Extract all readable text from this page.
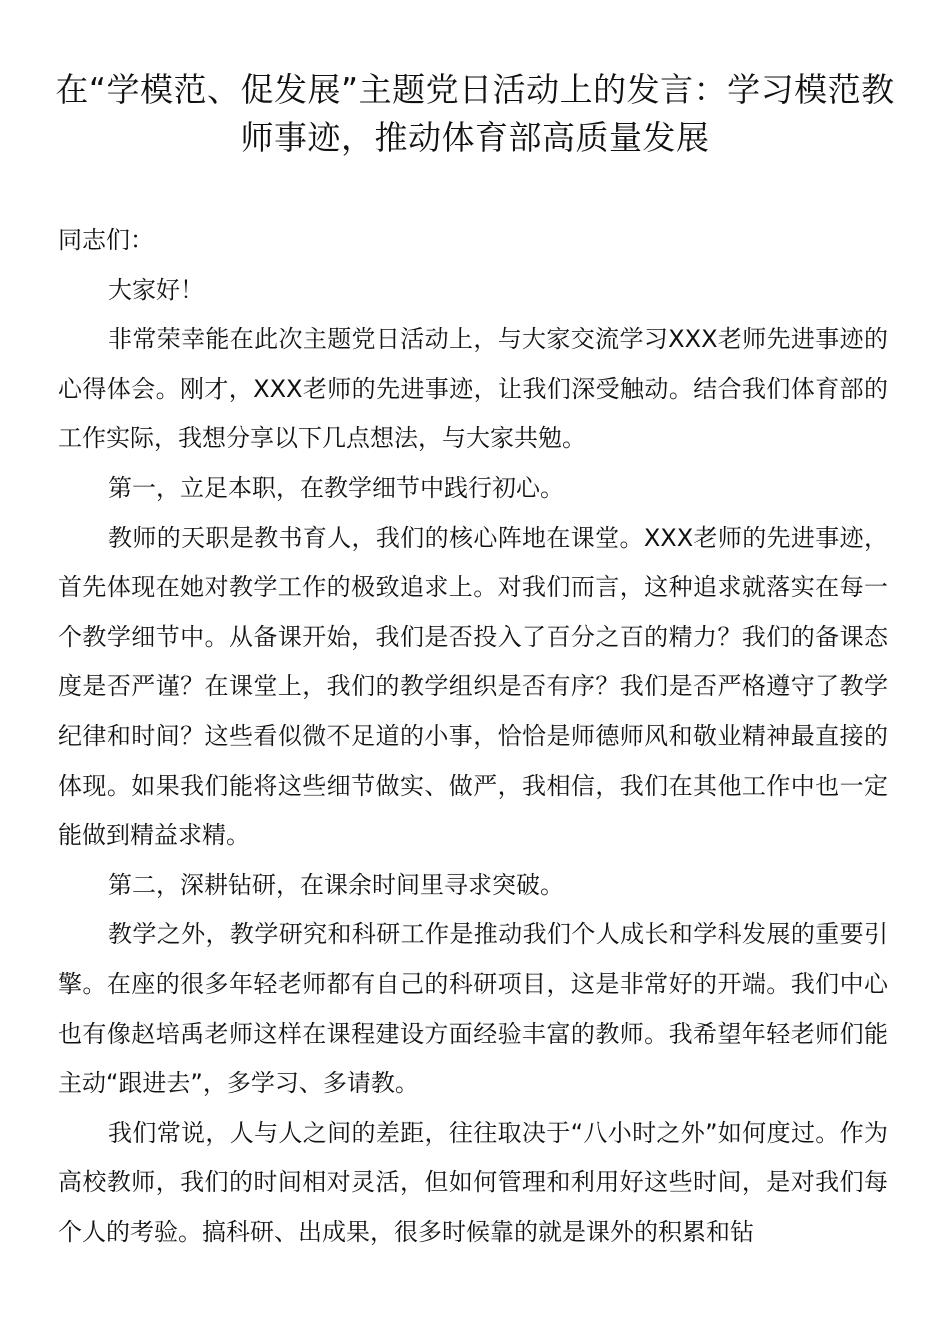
在“学模范、促发展”主题党日活动上的发言：学习模范教师事迹，推动体育部高质量发展

同志们：

大家好！

非常荣幸能在此次主题党日活动上，与大家交流学习XXX老师先进事迹的心得体会。刚才，XXX老师的先进事迹，让我们深受触动。结合我们体育部的工作实际，我想分享以下几点想法，与大家共勉。

第一，立足本职，在教学细节中践行初心。

教师的天职是教书育人，我们的核心阵地在课堂。XXX老师的先进事迹，首先体现在她对教学工作的极致追求上。对我们而言，这种追求就落实在每一个教学细节中。从备课开始，我们是否投入了百分之百的精力？我们的备课态度是否严谨？在课堂上，我们的教学组织是否有序？我们是否严格遵守了教学纪律和时间？这些看似微不足道的小事，恰恰是师德师风和敬业精神最直接的体现。如果我们能将这些细节做实、做严，我相信，我们在其他工作中也一定能做到精益求精。

第二，深耕钻研，在课余时间里寻求突破。

教学之外，教学研究和科研工作是推动我们个人成长和学科发展的重要引擎。在座的很多年轻老师都有自己的科研项目，这是非常好的开端。我们中心也有像赵培禹老师这样在课程建设方面经验丰富的教师。我希望年轻老师们能主动“跟进去”，多学习、多请教。

我们常说，人与人之间的差距，往往取决于“八小时之外”如何度过。作为高校教师，我们的时间相对灵活，但如何管理和利用好这些时间，是对我们每个人的考验。搞科研、出成果，很多时候靠的就是课外的积累和钻
